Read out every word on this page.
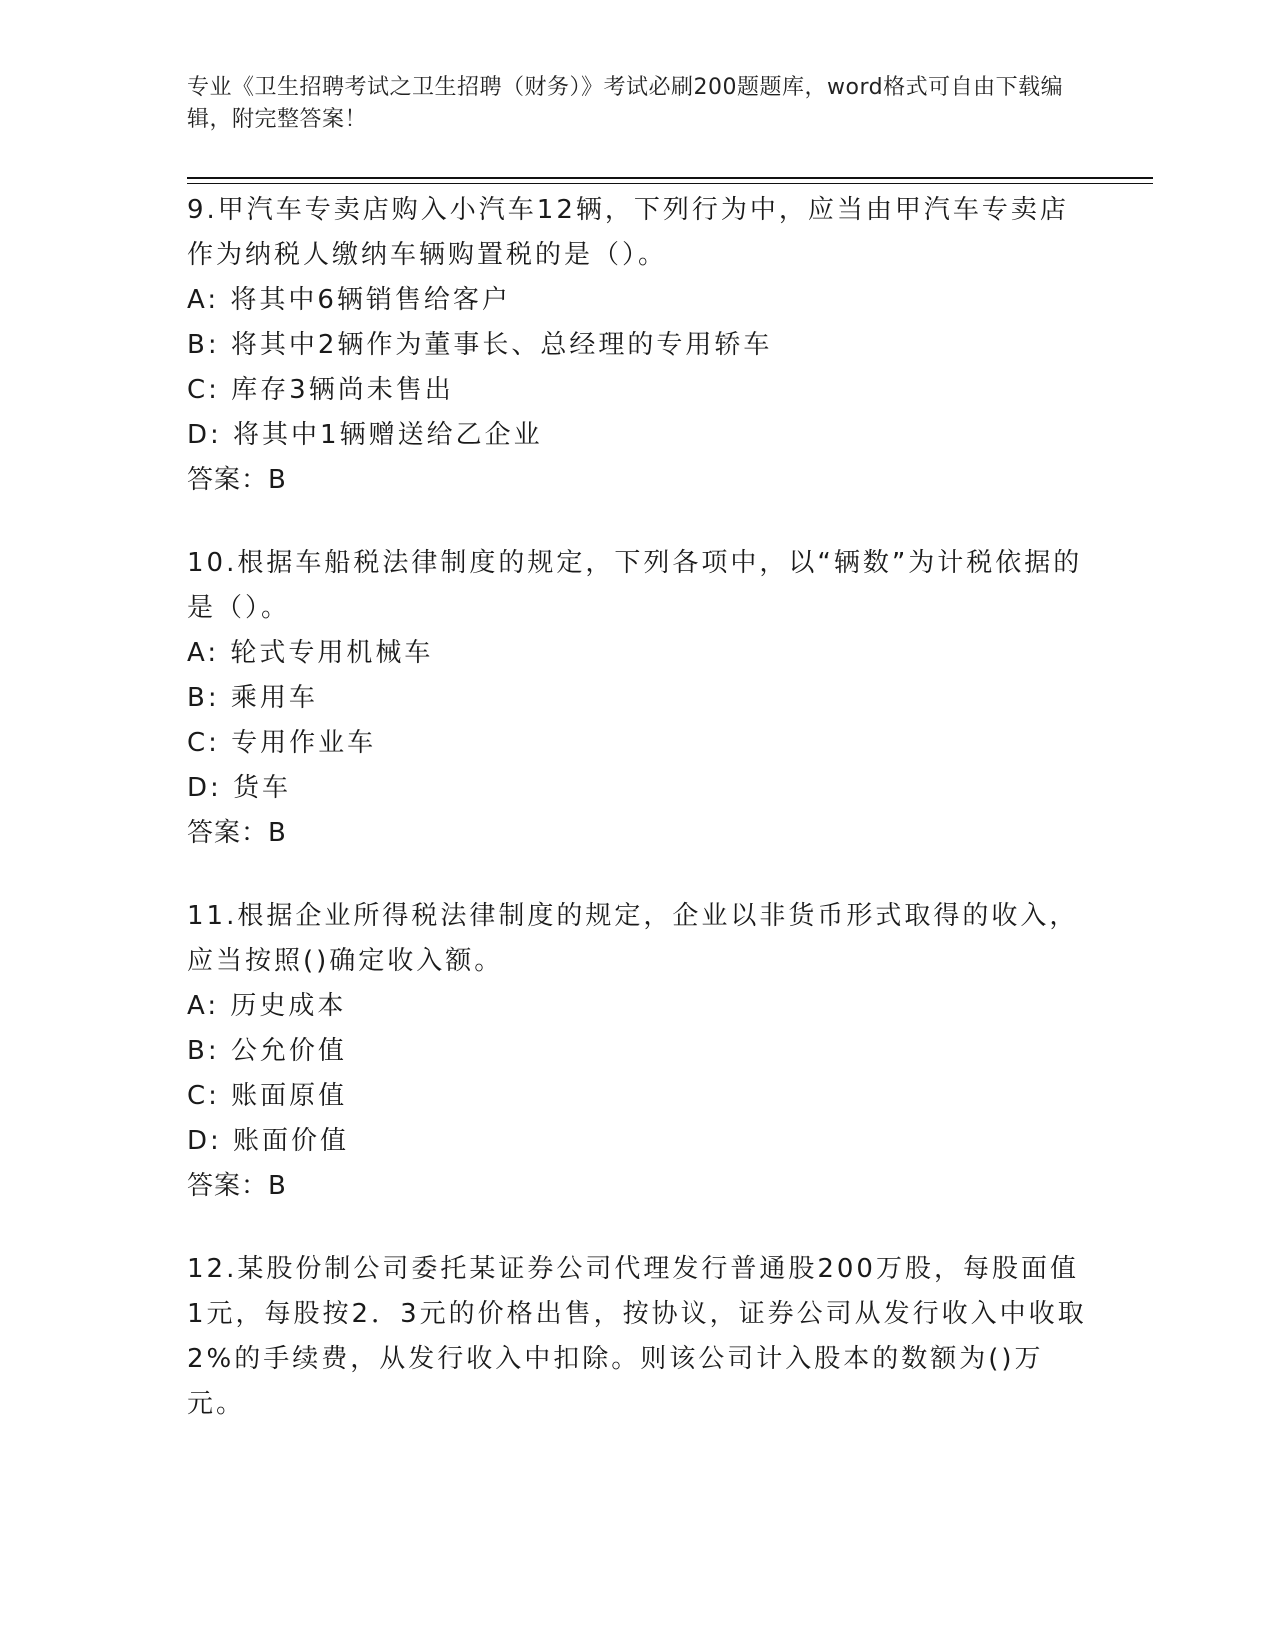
专业《卫生招聘考试之卫生招聘（财务）》考试必刷200题题库，word格式可自由下载编辑，附完整答案！

9.甲汽车专卖店购入小汽车12辆，下列行为中，应当由甲汽车专卖店作为纳税人缴纳车辆购置税的是（）。

A: 将其中6辆销售给客户

B: 将其中2辆作为董事长、总经理的专用轿车

C: 库存3辆尚未售出

D: 将其中1辆赠送给乙企业

答案：B

10.根据车船税法律制度的规定，下列各项中，以“辆数”为计税依据的是（）。

A: 轮式专用机械车

B: 乘用车

C: 专用作业车

D: 货车

答案：B

11.根据企业所得税法律制度的规定，企业以非货币形式取得的收入，应当按照()确定收入额。

A: 历史成本

B: 公允价值

C: 账面原值

D: 账面价值

答案：B

12.某股份制公司委托某证券公司代理发行普通股200万股，每股面值1元，每股按2．3元的价格出售，按协议，证券公司从发行收入中收取2%的手续费，从发行收入中扣除。则该公司计入股本的数额为()万元。
